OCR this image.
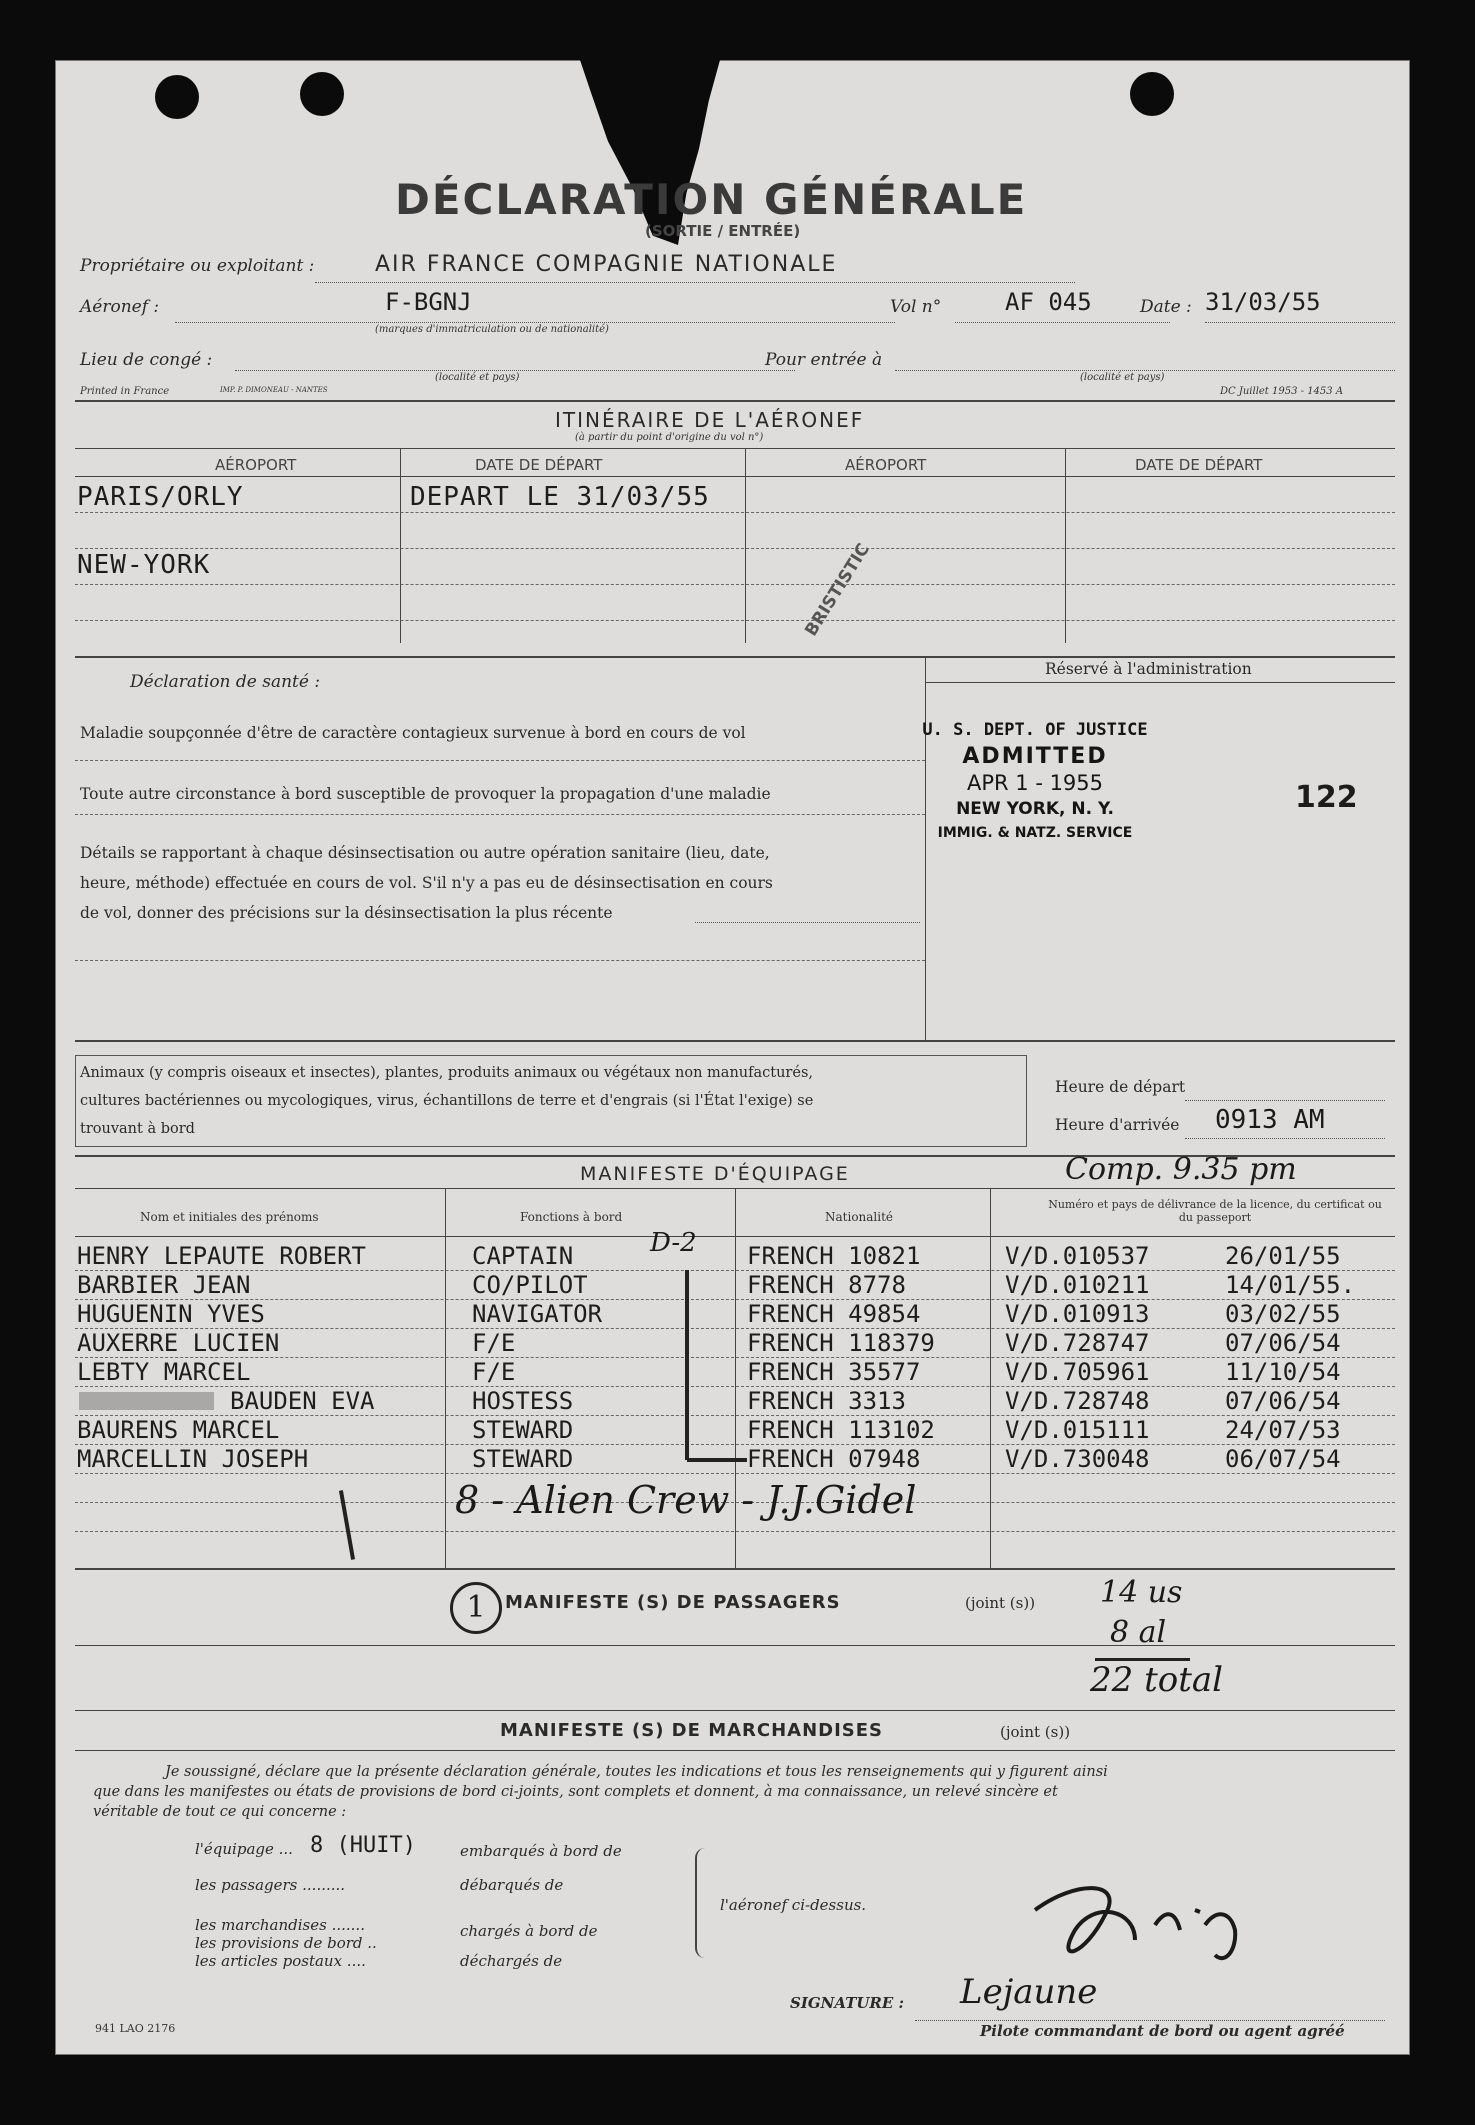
DÉCLARATION GÉNÉRALE
(SORTIE / ENTRÉE)
Propriétaire ou exploitant :	AIR FRANCE COMPAGNIE NATIONALE
Aéronef :	F-BGNJ
(marques d'immatriculation ou de nationalité)
Vol n°	AF 045	Date : 31/03/55
Lieu de congé :
(localité et pays)
Pour entrée à
(localité et pays)
Printed in France	IMP. P. DIMONEAU - NANTES	DC Juillet 1953 - 1453 A
ITINÉRAIRE DE L'AÉRONEF
(à partir du point d'origine du vol n°)
AÉROPORT	DATE DE DÉPART	AÉROPORT	DATE DE DÉPART
PARIS/ORLY	DEPART LE 31/03/55
NEW-YORK	BRISTISTIC
Déclaration de santé :
Maladie soupçonnée d'être de caractère contagieux survenue à bord en cours de vol
Toute autre circonstance à bord susceptible de provoquer la propagation d'une maladie
Détails se rapportant à chaque désinsectisation ou autre opération sanitaire (lieu, date,
heure, méthode) effectuée en cours de vol. S'il n'y a pas eu de désinsectisation en cours
de vol, donner des précisions sur la désinsectisation la plus récente
Réservé à l'administration
U. S. DEPT. OF JUSTICE
ADMITTED
APR 1 - 1955
NEW YORK, N. Y.
IMMIG. & NATZ. SERVICE
122
Animaux (y compris oiseaux et insectes), plantes, produits animaux ou végétaux non manufacturés,
cultures bactériennes ou mycologiques, virus, échantillons de terre et d'engrais (si l'État l'exige) se
trouvant à bord
Heure de départ
Heure d'arrivée 0913 AM
MANIFESTE D'ÉQUIPAGE	Comp. 9.35 pm
Nom et initiales des prénoms	Fonctions à bord	Nationalité
Numéro et pays de délivrance de la licence, du certificat ou du passeport
HENRY LEPAUTE ROBERT	CAPTAIN	FRENCH 10821	V/D.010537	26/01/55
BARBIER JEAN	CO/PILOT	FRENCH 8778	V/D.010211	14/01/55.
HUGUENIN YVES	NAVIGATOR	FRENCH 49854	V/D.010913	03/02/55
AUXERRE LUCIEN	F/E	FRENCH 118379	V/D.728747	07/06/54
LEBTY MARCEL	F/E	FRENCH 35577	V/D.705961	11/10/54
BAUDEN EVA	HOSTESS	FRENCH 3313	V/D.728748	07/06/54
BAURENS MARCEL	STEWARD	FRENCH 113102	V/D.015111	24/07/53
MARCELLIN JOSEPH	STEWARD	FRENCH 07948	V/D.730048	06/07/54
D-2
8 - Alien Crew - J.J.Gidel
1	MANIFESTE (S) DE PASSAGERS	(joint (s)) 14 us
8 al
22 total
MANIFESTE (S) DE MARCHANDISES	(joint (s))
Je soussigné, déclare que la présente déclaration générale, toutes les indications et tous les renseignements qui y figurent ainsi
que dans les manifestes ou états de provisions de bord ci-joints, sont complets et donnent, à ma connaissance, un relevé sincère et
véritable de tout ce qui concerne :
l'équipage ... 8 (HUIT)	embarqués à bord de
les passagers .........	débarqués de
les marchandises .......
les provisions de bord ..
les articles postaux ....
chargés à bord de
déchargés de
l'aéronef ci-dessus.
SIGNATURE : Lejaune
Pilote commandant de bord ou agent agréé
941 LAO 2176
